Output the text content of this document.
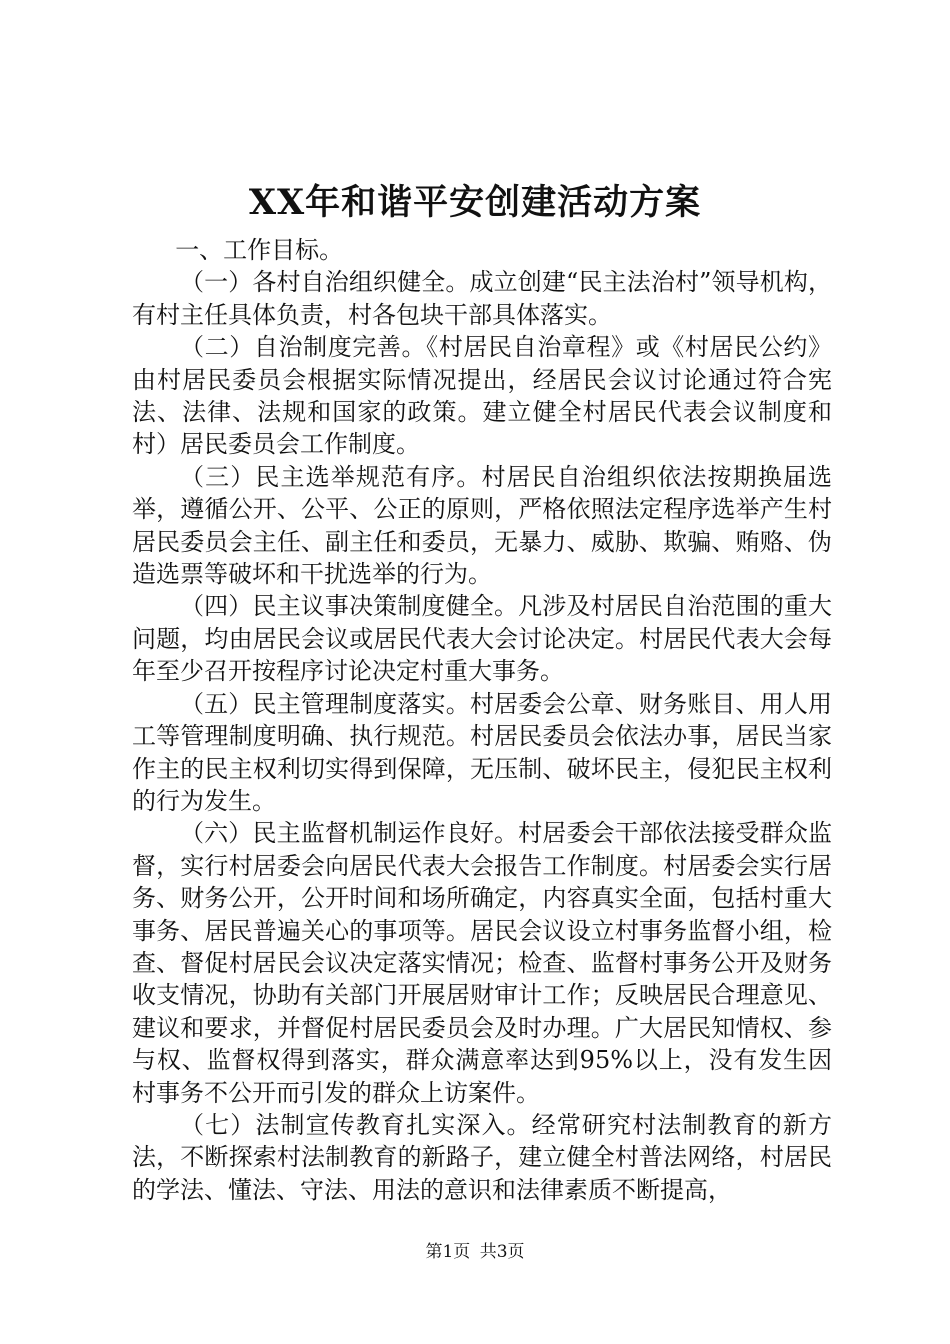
XX年和谐平安创建活动方案

一、工作目标。

（一）各村自治组织健全。成立创建“民主法治村”领导机构，有村主任具体负责，村各包块干部具体落实。

（二）自治制度完善。《村居民自治章程》或《村居民公约》由村居民委员会根据实际情况提出，经居民会议讨论通过符合宪法、法律、法规和国家的政策。建立健全村居民代表会议制度和村）居民委员会工作制度。

（三）民主选举规范有序。村居民自治组织依法按期换届选举，遵循公开、公平、公正的原则，严格依照法定程序选举产生村居民委员会主任、副主任和委员，无暴力、威胁、欺骗、贿赂、伪造选票等破坏和干扰选举的行为。

（四）民主议事决策制度健全。凡涉及村居民自治范围的重大问题，均由居民会议或居民代表大会讨论决定。村居民代表大会每年至少召开按程序讨论决定村重大事务。

（五）民主管理制度落实。村居委会公章、财务账目、用人用工等管理制度明确、执行规范。村居民委员会依法办事，居民当家作主的民主权利切实得到保障，无压制、破坏民主，侵犯民主权利的行为发生。

（六）民主监督机制运作良好。村居委会干部依法接受群众监督，实行村居委会向居民代表大会报告工作制度。村居委会实行居务、财务公开，公开时间和场所确定，内容真实全面，包括村重大事务、居民普遍关心的事项等。居民会议设立村事务监督小组，检查、督促村居民会议决定落实情况；检查、监督村事务公开及财务收支情况，协助有关部门开展居财审计工作；反映居民合理意见、建议和要求，并督促村居民委员会及时办理。广大居民知情权、参与权、监督权得到落实，群众满意率达到95%以上，没有发生因村事务不公开而引发的群众上访案件。

（七）法制宣传教育扎实深入。经常研究村法制教育的新方法，不断探索村法制教育的新路子，建立健全村普法网络，村居民的学法、懂法、守法、用法的意识和法律素质不断提高，

第1页 共3页
